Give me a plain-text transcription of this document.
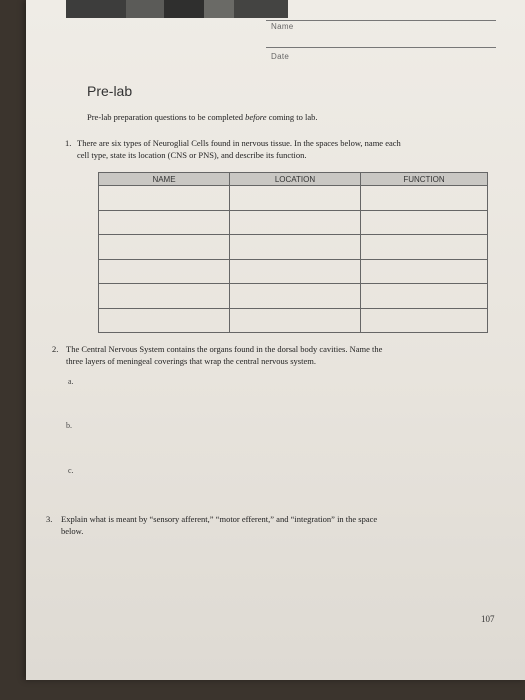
Name
Date
Pre-lab
Pre-lab preparation questions to be completed before coming to lab.
1. There are six types of Neuroglial Cells found in nervous tissue. In the spaces below, name each
cell type, state its location (CNS or PNS), and describe its function.
NAME	LOCATION	FUNCTION

2. The Central Nervous System contains the organs found in the dorsal body cavities. Name the
three layers of meningeal coverings that wrap the central nervous system.
a.
b.
c.
3. Explain what is meant by “sensory afferent,” “motor efferent,” and “integration” in the space
below.
107
